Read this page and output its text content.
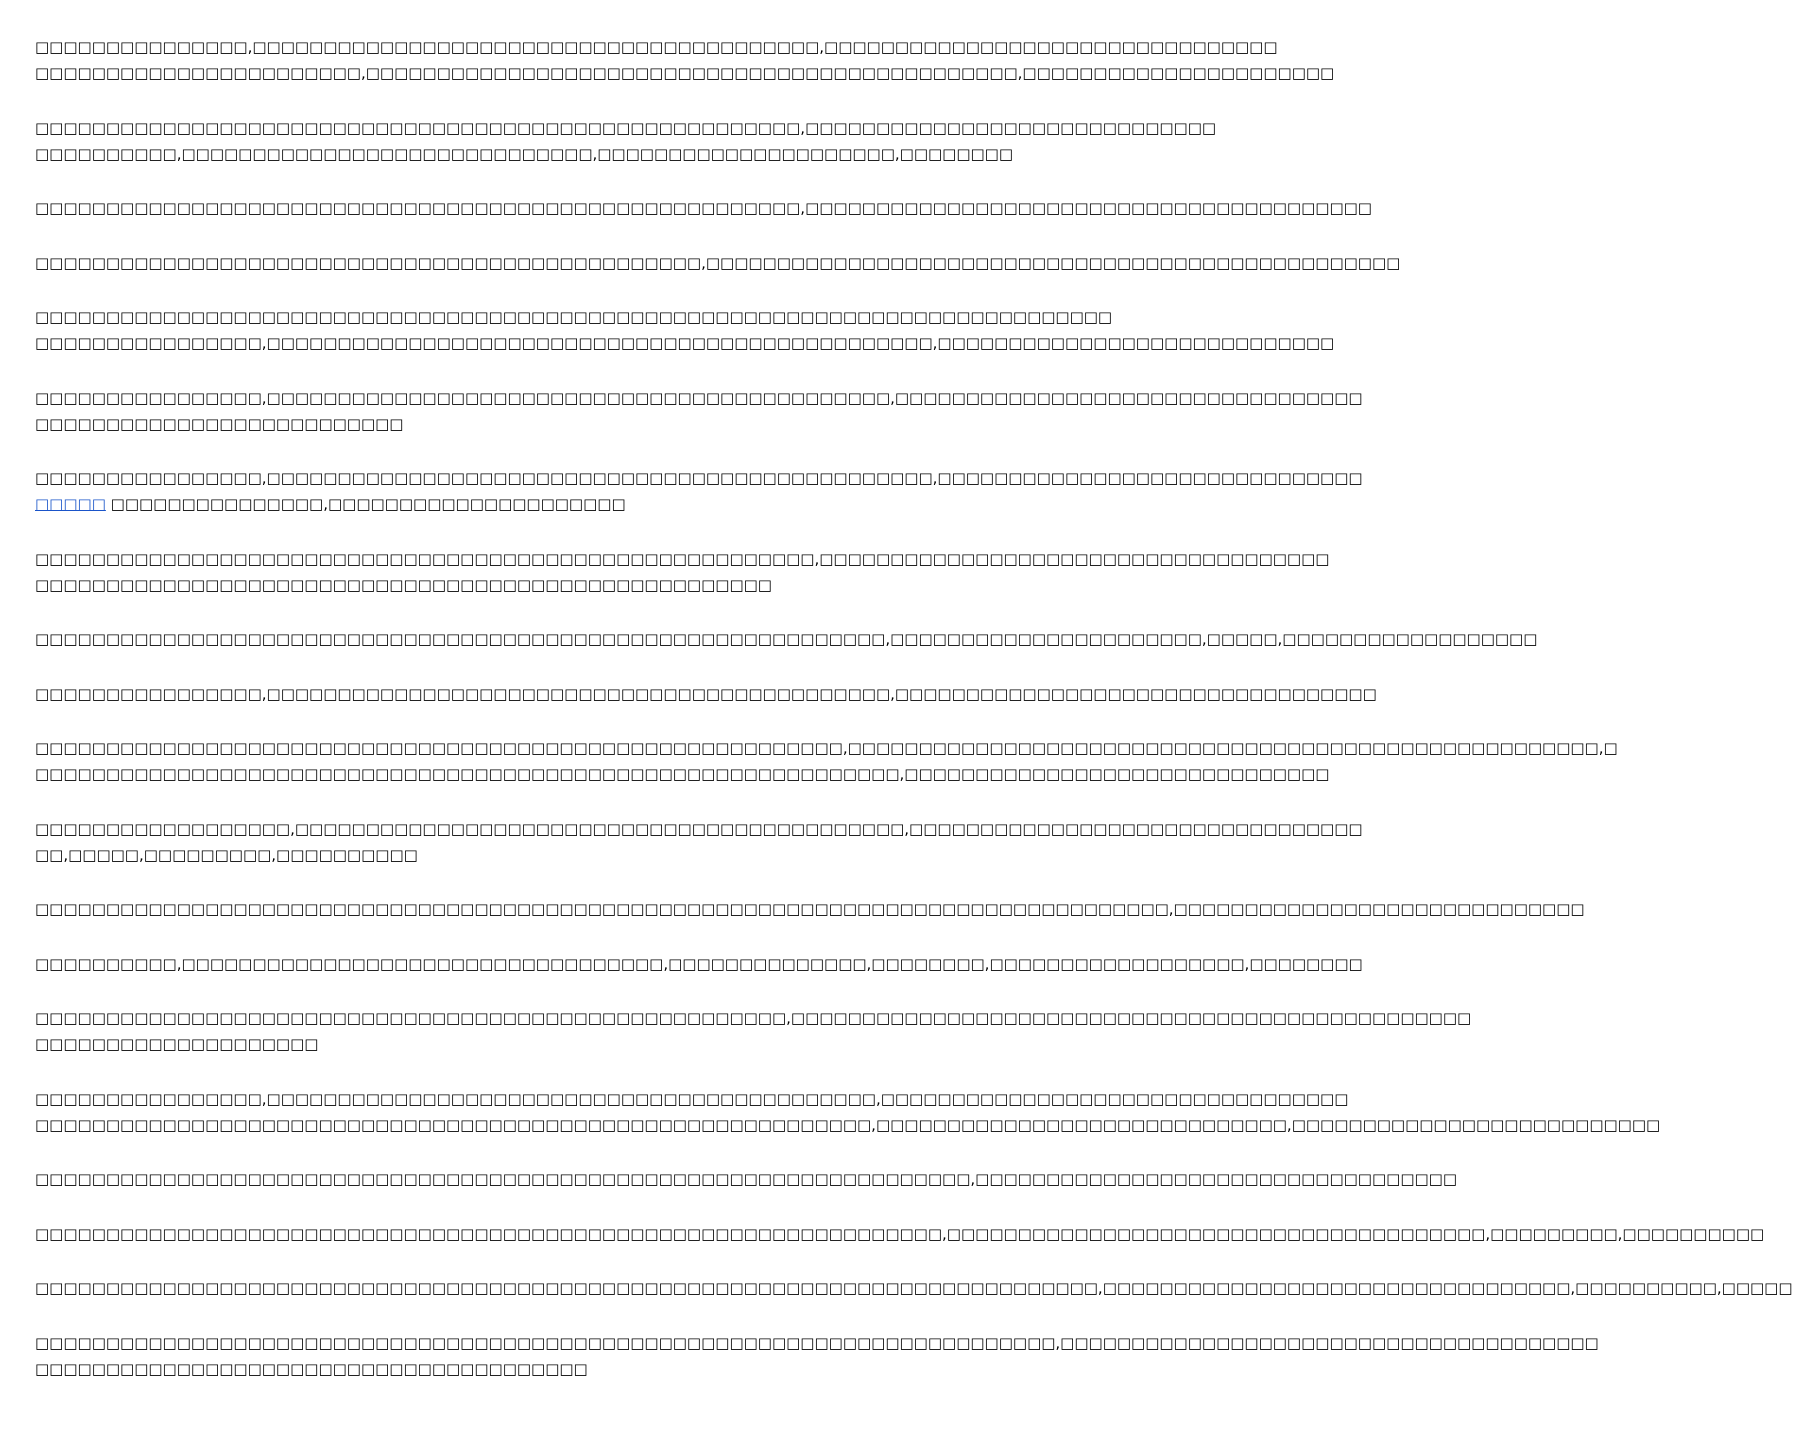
□□□□□□□□□□□□□□□,□□□□□□□□□□□□□□□□□□□□□□□□□□□□□□□□□□□□□□□□,□□□□□□□□□□□□□□□□□□□□□□□□□□□□□□□□
□□□□□□□□□□□□□□□□□□□□□□□,□□□□□□□□□□□□□□□□□□□□□□□□□□□□□□□□□□□□□□□□□□□□□□,□□□□□□□□□□□□□□□□□□□□□□
□□□□□□□□□□□□□□□□□□□□□□□□□□□□□□□□□□□□□□□□□□□□□□□□□□□□□□,□□□□□□□□□□□□□□□□□□□□□□□□□□□□□
□□□□□□□□□□,□□□□□□□□□□□□□□□□□□□□□□□□□□□□□,□□□□□□□□□□□□□□□□□□□□□,□□□□□□□□
□□□□□□□□□□□□□□□□□□□□□□□□□□□□□□□□□□□□□□□□□□□□□□□□□□□□□□,□□□□□□□□□□□□□□□□□□□□□□□□□□□□□□□□□□□□□□□□
□□□□□□□□□□□□□□□□□□□□□□□□□□□□□□□□□□□□□□□□□□□□□□□,□□□□□□□□□□□□□□□□□□□□□□□□□□□□□□□□□□□□□□□□□□□□□□□□□
□□□□□□□□□□□□□□□□□□□□□□□□□□□□□□□□□□□□□□□□□□□□□□□□□□□□□□□□□□□□□□□□□□□□□□□□□□□□
□□□□□□□□□□□□□□□□,□□□□□□□□□□□□□□□□□□□□□□□□□□□□□□□□□□□□□□□□□□□□□□□,□□□□□□□□□□□□□□□□□□□□□□□□□□□□
□□□□□□□□□□□□□□□□,□□□□□□□□□□□□□□□□□□□□□□□□□□□□□□□□□□□□□□□□□□□□,□□□□□□□□□□□□□□□□□□□□□□□□□□□□□□□□□
□□□□□□□□□□□□□□□□□□□□□□□□□□
□□□□□□□□□□□□□□□□,□□□□□□□□□□□□□□□□□□□□□□□□□□□□□□□□□□□□□□□□□□□□□□□,□□□□□□□□□□□□□□□□□□□□□□□□□□□□□□
□□□□□ □□□□□□□□□□□□□□□,□□□□□□□□□□□□□□□□□□□□□
□□□□□□□□□□□□□□□□□□□□□□□□□□□□□□□□□□□□□□□□□□□□□□□□□□□□□□□,□□□□□□□□□□□□□□□□□□□□□□□□□□□□□□□□□□□□
□□□□□□□□□□□□□□□□□□□□□□□□□□□□□□□□□□□□□□□□□□□□□□□□□□□□
□□□□□□□□□□□□□□□□□□□□□□□□□□□□□□□□□□□□□□□□□□□□□□□□□□□□□□□□□□□□,□□□□□□□□□□□□□□□□□□□□□□,□□□□□,□□□□□□□□□□□□□□□□□□
□□□□□□□□□□□□□□□□,□□□□□□□□□□□□□□□□□□□□□□□□□□□□□□□□□□□□□□□□□□□□,□□□□□□□□□□□□□□□□□□□□□□□□□□□□□□□□□□
□□□□□□□□□□□□□□□□□□□□□□□□□□□□□□□□□□□□□□□□□□□□□□□□□□□□□□□□□,□□□□□□□□□□□□□□□□□□□□□□□□□□□□□□□□□□□□□□□□□□□□□□□□□□□□□,□
□□□□□□□□□□□□□□□□□□□□□□□□□□□□□□□□□□□□□□□□□□□□□□□□□□□□□□□□□□□□□,□□□□□□□□□□□□□□□□□□□□□□□□□□□□□□
□□□□□□□□□□□□□□□□□□,□□□□□□□□□□□□□□□□□□□□□□□□□□□□□□□□□□□□□□□□□□□,□□□□□□□□□□□□□□□□□□□□□□□□□□□□□□□□
□□,□□□□□,□□□□□□□□□,□□□□□□□□□□
□□□□□□□□□□□□□□□□□□□□□□□□□□□□□□□□□□□□□□□□□□□□□□□□□□□□□□□□□□□□□□□□□□□□□□□□□□□□□□□□,□□□□□□□□□□□□□□□□□□□□□□□□□□□□□
□□□□□□□□□□,□□□□□□□□□□□□□□□□□□□□□□□□□□□□□□□□□□,□□□□□□□□□□□□□□,□□□□□□□□,□□□□□□□□□□□□□□□□□□,□□□□□□□□
□□□□□□□□□□□□□□□□□□□□□□□□□□□□□□□□□□□□□□□□□□□□□□□□□□□□□,□□□□□□□□□□□□□□□□□□□□□□□□□□□□□□□□□□□□□□□□□□□□□□□□
□□□□□□□□□□□□□□□□□□□□
□□□□□□□□□□□□□□□□,□□□□□□□□□□□□□□□□□□□□□□□□□□□□□□□□□□□□□□□□□□□,□□□□□□□□□□□□□□□□□□□□□□□□□□□□□□□□□
□□□□□□□□□□□□□□□□□□□□□□□□□□□□□□□□□□□□□□□□□□□□□□□□□□□□□□□□□□□,□□□□□□□□□□□□□□□□□□□□□□□□□□□□□,□□□□□□□□□□□□□□□□□□□□□□□□□□
□□□□□□□□□□□□□□□□□□□□□□□□□□□□□□□□□□□□□□□□□□□□□□□□□□□□□□□□□□□□□□□□□□,□□□□□□□□□□□□□□□□□□□□□□□□□□□□□□□□□□
□□□□□□□□□□□□□□□□□□□□□□□□□□□□□□□□□□□□□□□□□□□□□□□□□□□□□□□□□□□□□□□□,□□□□□□□□□□□□□□□□□□□□□□□□□□□□□□□□□□□□□□,□□□□□□□□□,□□□□□□□□□□
□□□□□□□□□□□□□□□□□□□□□□□□□□□□□□□□□□□□□□□□□□□□□□□□□□□□□□□□□□□□□□□□□□□□□□□□□□□,□□□□□□□□□□□□□□□□□□□□□□□□□□□□□□□□□,□□□□□□□□□□,□□□□□
□□□□□□□□□□□□□□□□□□□□□□□□□□□□□□□□□□□□□□□□□□□□□□□□□□□□□□□□□□□□□□□□□□□□□□□□,□□□□□□□□□□□□□□□□□□□□□□□□□□□□□□□□□□□□□□
□□□□□□□□□□□□□□□□□□□□□□□□□□□□□□□□□□□□□□□
